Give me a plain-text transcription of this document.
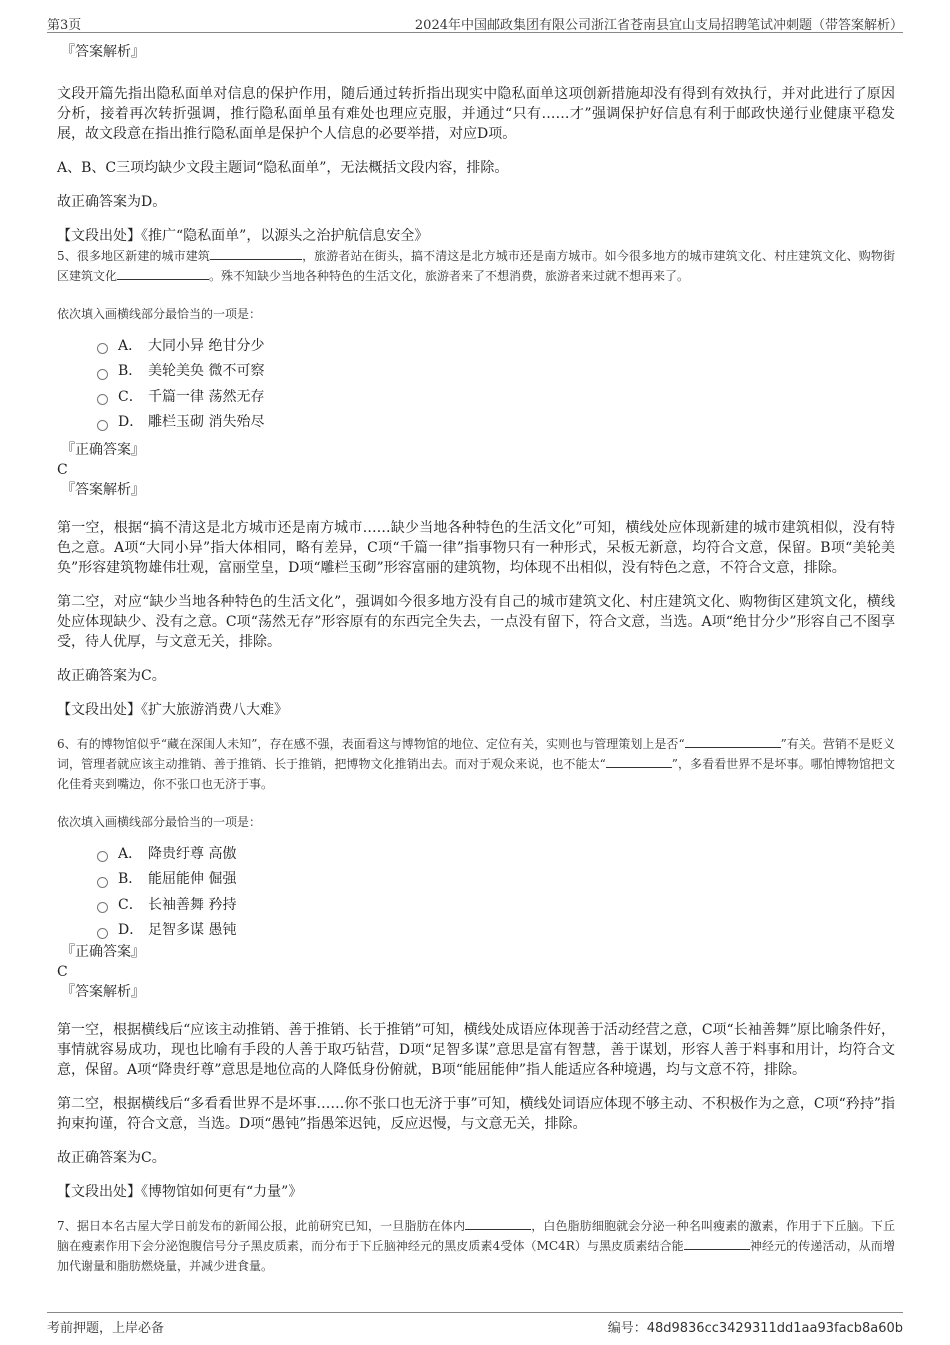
第3页	2024年中国邮政集团有限公司浙江省苍南县宜山支局招聘笔试冲刺题（带答案解析）

『答案解析』

文段开篇先指出隐私面单对信息的保护作用，随后通过转折指出现实中隐私面单这项创新措施却没有得到有效执行，并对此进行了原因分析，接着再次转折强调，推行隐私面单虽有难处也理应克服，并通过“只有……才”强调保护好信息有利于邮政快递行业健康平稳发展，故文段意在指出推行隐私面单是保护个人信息的必要举措，对应D项。

A、B、C三项均缺少文段主题词“隐私面单”，无法概括文段内容，排除。

故正确答案为D。

【文段出处】《推广“隐私面单”，以源头之治护航信息安全》

5、很多地区新建的城市建筑	，旅游者站在街头，搞不清这是北方城市还是南方城市。如今很多地方的城市建筑文化、村庄建筑文化、购物街区建筑文化	。殊不知缺少当地各种特色的生活文化，旅游者来了不想消费，旅游者来过就不想再来了。

依次填入画横线部分最恰当的一项是：

A． 大同小异 绝甘分少
B． 美轮美奂 微不可察
C． 千篇一律 荡然无存
D． 雕栏玉砌 消失殆尽

『正确答案』

C

『答案解析』

第一空，根据“搞不清这是北方城市还是南方城市……缺少当地各种特色的生活文化”可知，横线处应体现新建的城市建筑相似，没有特色之意。A项“大同小异”指大体相同，略有差异，C项“千篇一律”指事物只有一种形式，呆板无新意，均符合文意，保留。B项“美轮美奂”形容建筑物雄伟壮观，富丽堂皇，D项“雕栏玉砌”形容富丽的建筑物，均体现不出相似，没有特色之意，不符合文意，排除。

第二空，对应“缺少当地各种特色的生活文化”，强调如今很多地方没有自己的城市建筑文化、村庄建筑文化、购物街区建筑文化，横线处应体现缺少、没有之意。C项“荡然无存”形容原有的东西完全失去，一点没有留下，符合文意，当选。A项“绝甘分少”形容自己不图享受，待人优厚，与文意无关，排除。

故正确答案为C。

【文段出处】《扩大旅游消费八大难》

6、有的博物馆似乎“藏在深闺人未知”，存在感不强，表面看这与博物馆的地位、定位有关，实则也与管理策划上是否“	”有关。营销不是贬义词，管理者就应该主动推销、善于推销、长于推销，把博物文化推销出去。而对于观众来说，也不能太“	”，多看看世界不是坏事。哪怕博物馆把文化佳肴夹到嘴边，你不张口也无济于事。

依次填入画横线部分最恰当的一项是：

A． 降贵纡尊 高傲
B． 能屈能伸 倔强
C． 长袖善舞 矜持
D． 足智多谋 愚钝

『正确答案』

C

『答案解析』

第一空，根据横线后“应该主动推销、善于推销、长于推销”可知，横线处成语应体现善于活动经营之意，C项“长袖善舞”原比喻条件好，事情就容易成功，现也比喻有手段的人善于取巧钻营，D项“足智多谋”意思是富有智慧，善于谋划，形容人善于料事和用计，均符合文意，保留。A项“降贵纡尊”意思是地位高的人降低身份俯就，B项“能屈能伸”指人能适应各种境遇，均与文意不符，排除。

第二空，根据横线后“多看看世界不是坏事……你不张口也无济于事”可知，横线处词语应体现不够主动、不积极作为之意，C项“矜持”指拘束拘谨，符合文意，当选。D项“愚钝”指愚笨迟钝，反应迟慢，与文意无关，排除。

故正确答案为C。

【文段出处】《博物馆如何更有“力量”》

7、据日本名古屋大学日前发布的新闻公报，此前研究已知，一旦脂肪在体内	，白色脂肪细胞就会分泌一种名叫瘦素的激素，作用于下丘脑。下丘脑在瘦素作用下会分泌饱腹信号分子黑皮质素，而分布于下丘脑神经元的黑皮质素4受体（MC4R）与黑皮质素结合能	神经元的传递活动，从而增加代谢量和脂肪燃烧量，并减少进食量。

考前押题，上岸必备	编号：48d9836cc3429311dd1aa93facb8a60b
